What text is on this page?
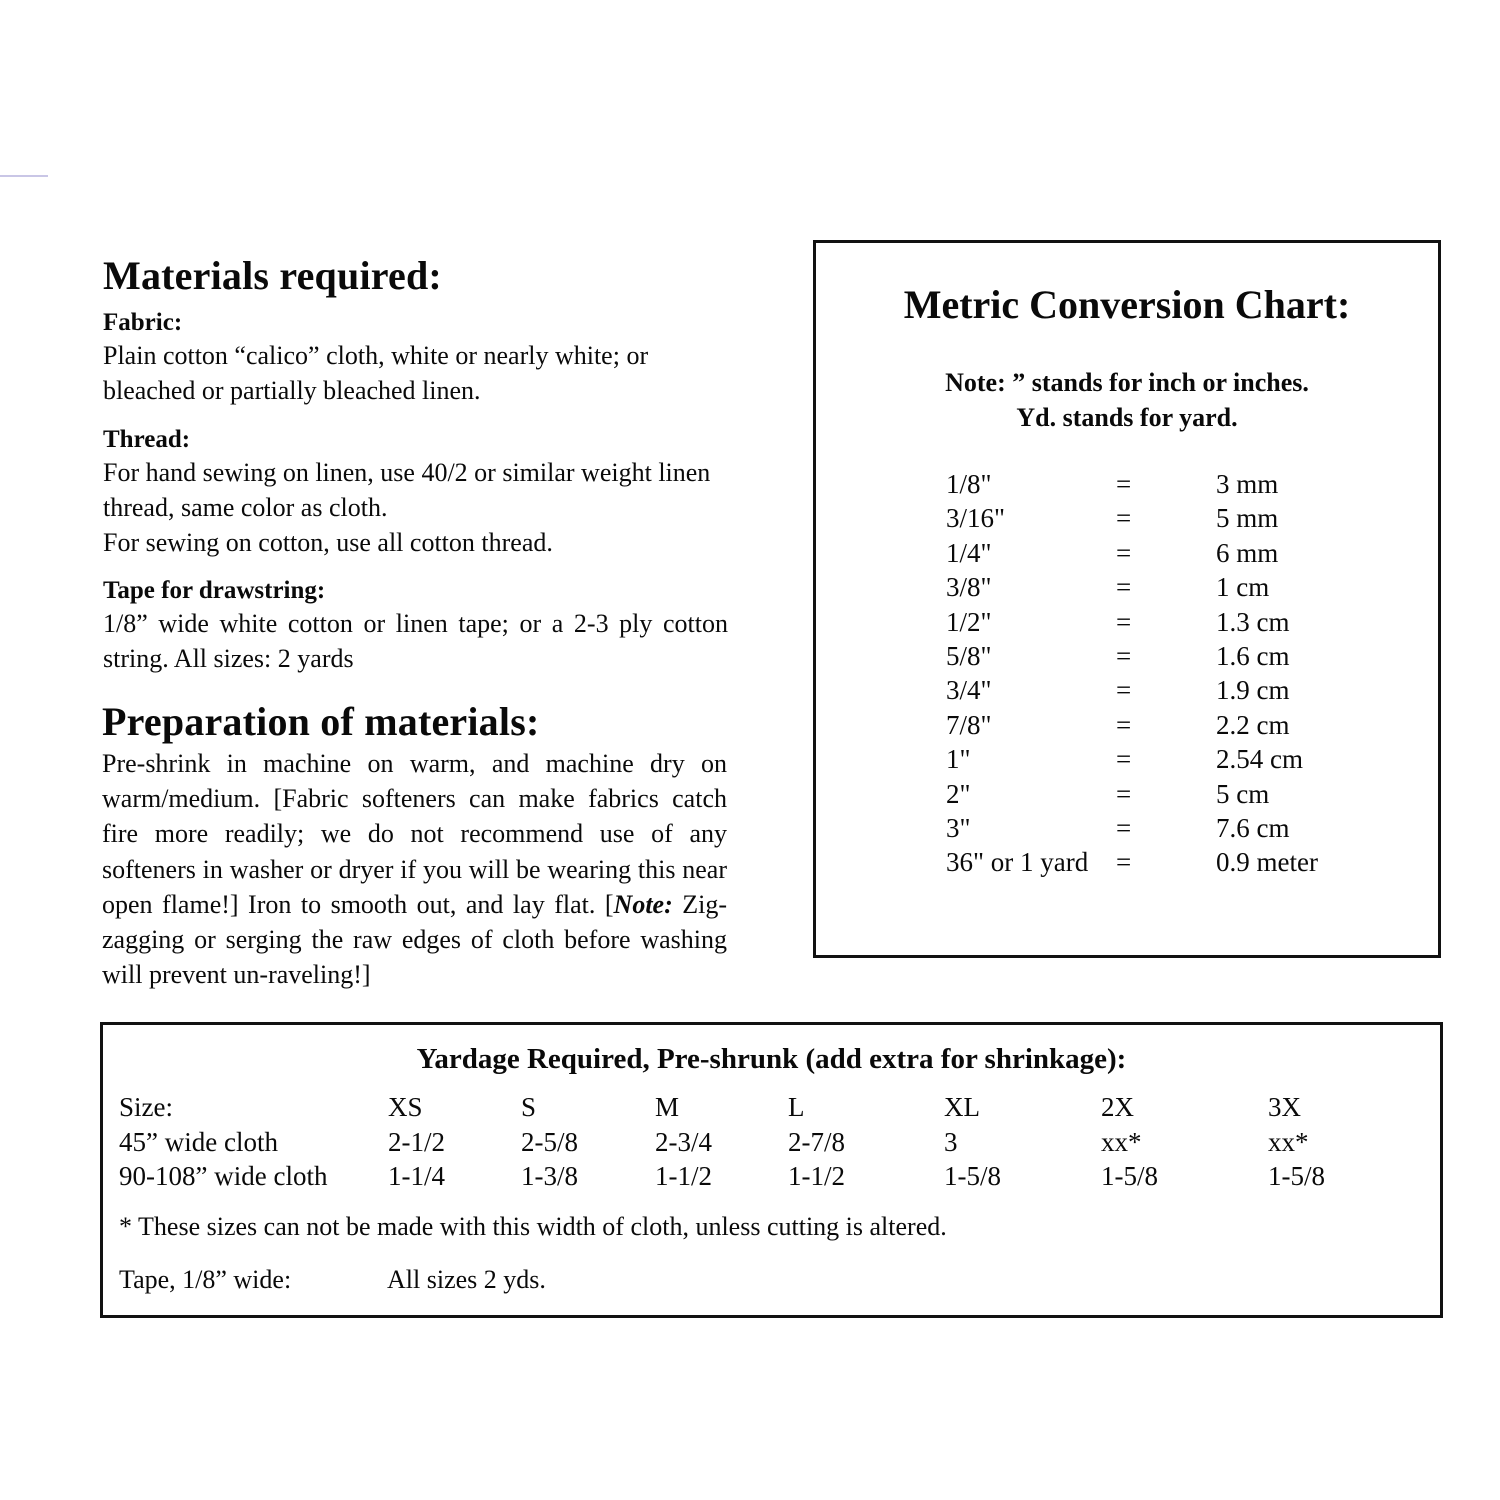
Materials required:
Fabric:

Plain cotton “calico” cloth, white or nearly white; or bleached or partially bleached linen.

Thread:

For hand sewing on linen, use 40/2 or similar weight linen thread, same color as cloth.

For sewing on cotton, use all cotton thread.

Tape for drawstring:

1/8” wide white cotton or linen tape; or a 2-3 ply cotton string. All sizes: 2 yards

Preparation of materials:

Pre-shrink in machine on warm, and machine dry on warm/medium. [Fabric softeners can make fabrics catch fire more readily; we do not recommend use of any softeners in washer or dryer if you will be wearing this near open flame!] Iron to smooth out, and lay flat. [Note: Zig-zagging or serging the raw edges of cloth before washing will prevent un-raveling!]

Metric Conversion Chart:
Note: ” stands for inch or inches.
Yd. stands for yard.
1/8"	=	3 mm
3/16"	=	5 mm
1/4"	=	6 mm
3/8"	=	1 cm
1/2"	=	1.3 cm
5/8"	=	1.6 cm
3/4"	=	1.9 cm
7/8"	=	2.2 cm
1"	=	2.54 cm
2"	=	5 cm
3"	=	7.6 cm
36" or 1 yard =	0.9 meter
Yardage Required, Pre-shrunk (add extra for shrinkage):
Size:	XS	S	M	L	XL	2X	3X
45” wide cloth	2-1/2	2-5/8	2-3/4	2-7/8	3	xx*	xx*
90-108” wide cloth 1-1/4	1-3/8	1-1/2	1-1/2	1-5/8	1-5/8	1-5/8
* These sizes can not be made with this width of cloth, unless cutting is altered.
Tape, 1/8” wide:	All sizes 2 yds.
